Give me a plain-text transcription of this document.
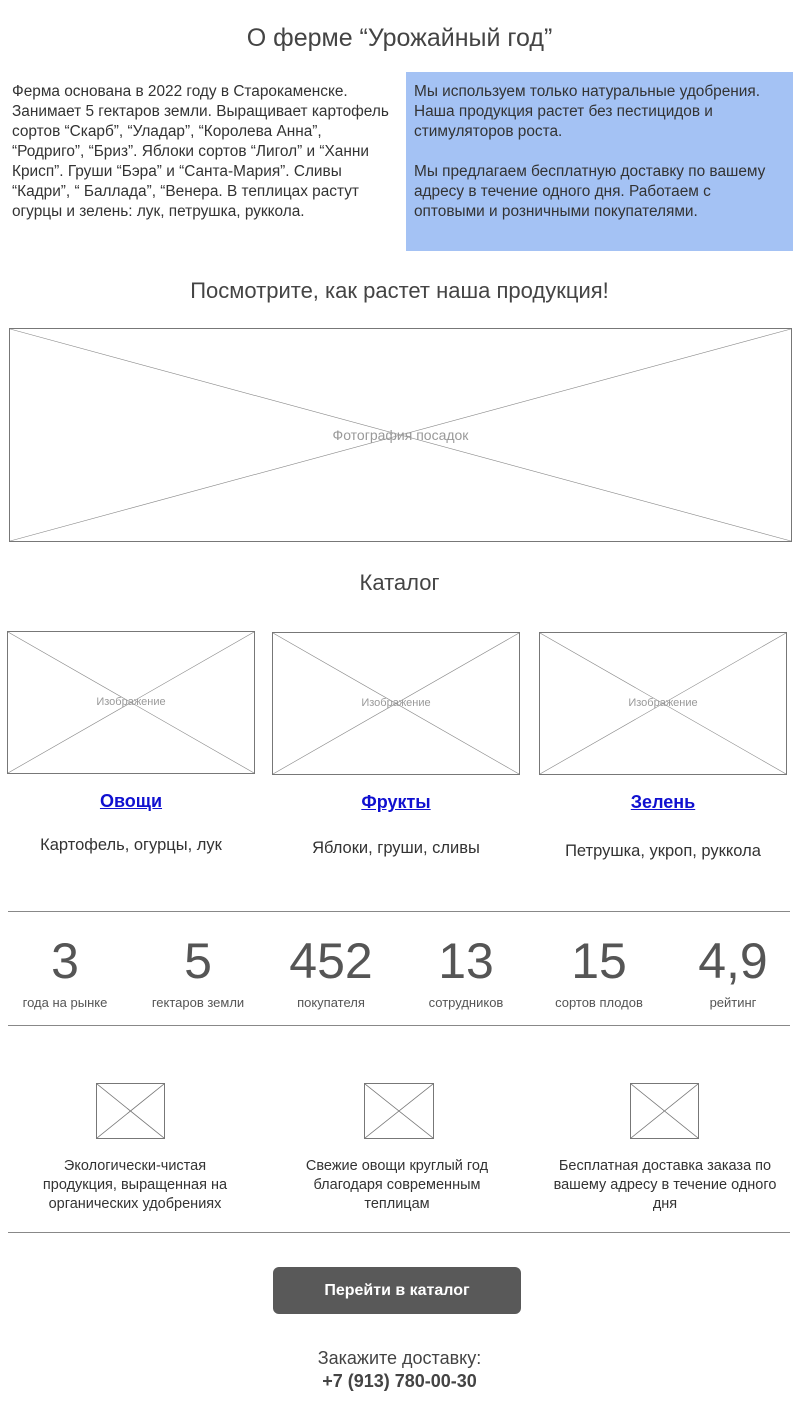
О ферме “Урожайный год”
Ферма основана в 2022 году в Старокаменске. Занимает 5 гектаров земли. Выращивает картофель сортов “Скарб”, “Уладар”, “Королева Анна”, “Родриго”, “Бриз”. Яблоки сортов “Лигол” и “Ханни Крисп”. Груши “Бэра” и “Санта-Мария”. Сливы “Кадри”, “ Баллада”, “Венера. В теплицах растут огурцы и зелень: лук, петрушка, руккола.

Мы используем только натуральные удобрения. Наша продукция растет без пестицидов и стимуляторов роста.

Мы предлагаем бесплатную доставку по вашему адресу в течение одного дня. Работаем с оптовыми и розничными покупателями.

Посмотрите, как растет наша продукция!
Фотография посадок
Каталог
Изображение	Изображение	Изображение
Овощи	Фрукты	Зелень
Картофель, огурцы, лук	Яблоки, груши, сливы	Петрушка, укроп, руккола
3	5	452	13	15	4,9
года на рынке	гектаров земли	покупателя	сотрудников	сортов плодов	рейтинг
Экологически-чистая продукция, выращенная на органических удобрениях
Свежие овощи круглый год благодаря современным теплицам
Бесплатная доставка заказа по вашему адресу в течение одного дня
Перейти в каталог
Закажите доставку:
+7 (913) 780-00-30
